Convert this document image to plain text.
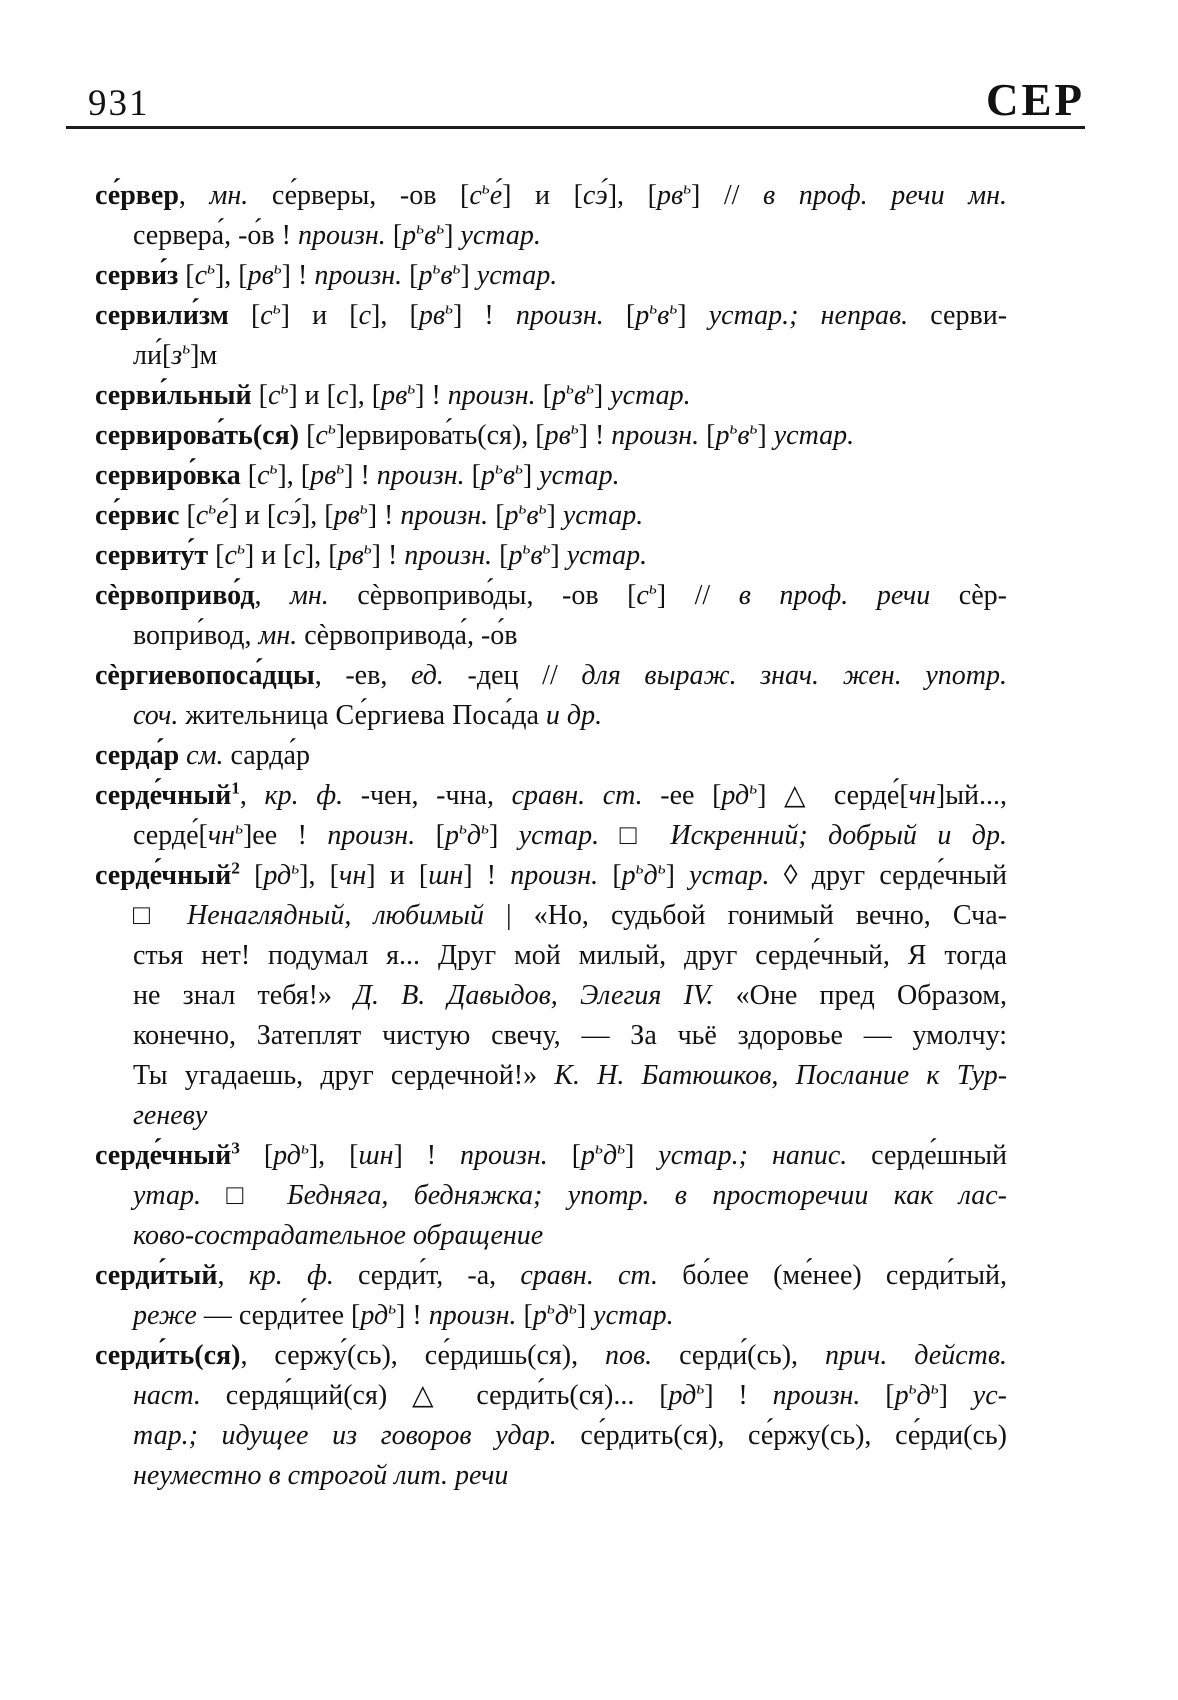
931	СЕР
се́рвер, мн. се́рверы, -ов $[с^ье́]$ и [сэ́], $[рв^ь]$ // в проф. речи мн.
сервера́, -о́в ! произн. $[р^ьв^ь]$ устар.
серви́з $[с^ь]$, $[рв^ь]$ ! произн. $[р^ьв^ь]$ устар.
сервили́зм $[с^ь]$ и [с], $[рв^ь]$ ! произн. $[р^ьв^ь]$ устар.; неправ. серви-
$ли́[з^ь]м$
серви́льный $[с^ь]$ и [с], $[рв^ь]$ ! произн. $[р^ьв^ь]$ устар.
сервирова́ть(ся) $[с^ь]ервирова́ть(ся)$, $[рв^ь]$ ! произн. $[р^ьв^ь]$ устар.
сервиро́вка $[с^ь]$, $[рв^ь]$ ! произн. $[р^ьв^ь]$ устар.
се́рвис $[с^ье́]$ и [сэ́], $[рв^ь]$ ! произн. $[р^ьв^ь]$ устар.
сервиту́т $[с^ь]$ и [с], $[рв^ь]$ ! произн. $[р^ьв^ь]$ устар.
сѐрвоприво́д, мн. сѐрвоприво́ды, -ов $[с^ь]$ // в проф. речи сѐр-
вопри́вод, мн. сѐрвопривода́, -о́в
сѐргиевопоса́дцы, -ев, ед. -дец // для выраж. знач. жен. употр.
соч. жительница Се́ргиева Поса́да и др.
серда́р см. сарда́р
серде́чный$^1$, кр. ф. -чен, -чна, сравн. ст. -ее $[рд^ь]$ △ серде́[чн]ый...,
$серде́[чн^ь]ее$ ! произн. $[р^ьд^ь]$ устар. □ Искренний; добрый и др.
серде́чный$^2$ $[рд^ь]$, [чн] и [шн] ! произн. $[р^ьд^ь]$ устар. ◊ друг серде́чный
□ Ненаглядный, любимый | «Но, судьбой гонимый вечно, Сча-
стья нет! подумал я... Друг мой милый, друг серде́чный, Я тогда
не знал тебя!» Д. В. Давыдов, Элегия IV. «Оне пред Образом,
конечно, Затеплят чистую свечу, — За чьё здоровье — умолчу:
Ты угадаешь, друг сердечной!» К. Н. Батюшков, Послание к Тур-
геневу
серде́чный$^3$ $[рд^ь]$, [шн] ! произн. $[р^ьд^ь]$ устар.; напис. серде́шный
утар. □ Бедняга, бедняжка; употр. в просторечии как лас-
ково-сострадательное обращение
серди́тый, кр. ф. серди́т, -а, сравн. ст. бо́лее (ме́нее) серди́тый,
реже — серди́тее $[рд^ь]$ ! произн. $[р^ьд^ь]$ устар.
серди́ть(ся), сержу́(сь), се́рдишь(ся), пов. серди́(сь), прич. действ.
наст. сердя́щий(ся) △ серди́ть(ся)... $[рд^ь]$ ! произн. $[р^ьд^ь]$ ус-
тар.; идущее из говоров удар. се́рдить(ся), се́ржу(сь), се́рди(сь)
неуместно в строгой лит. речи
